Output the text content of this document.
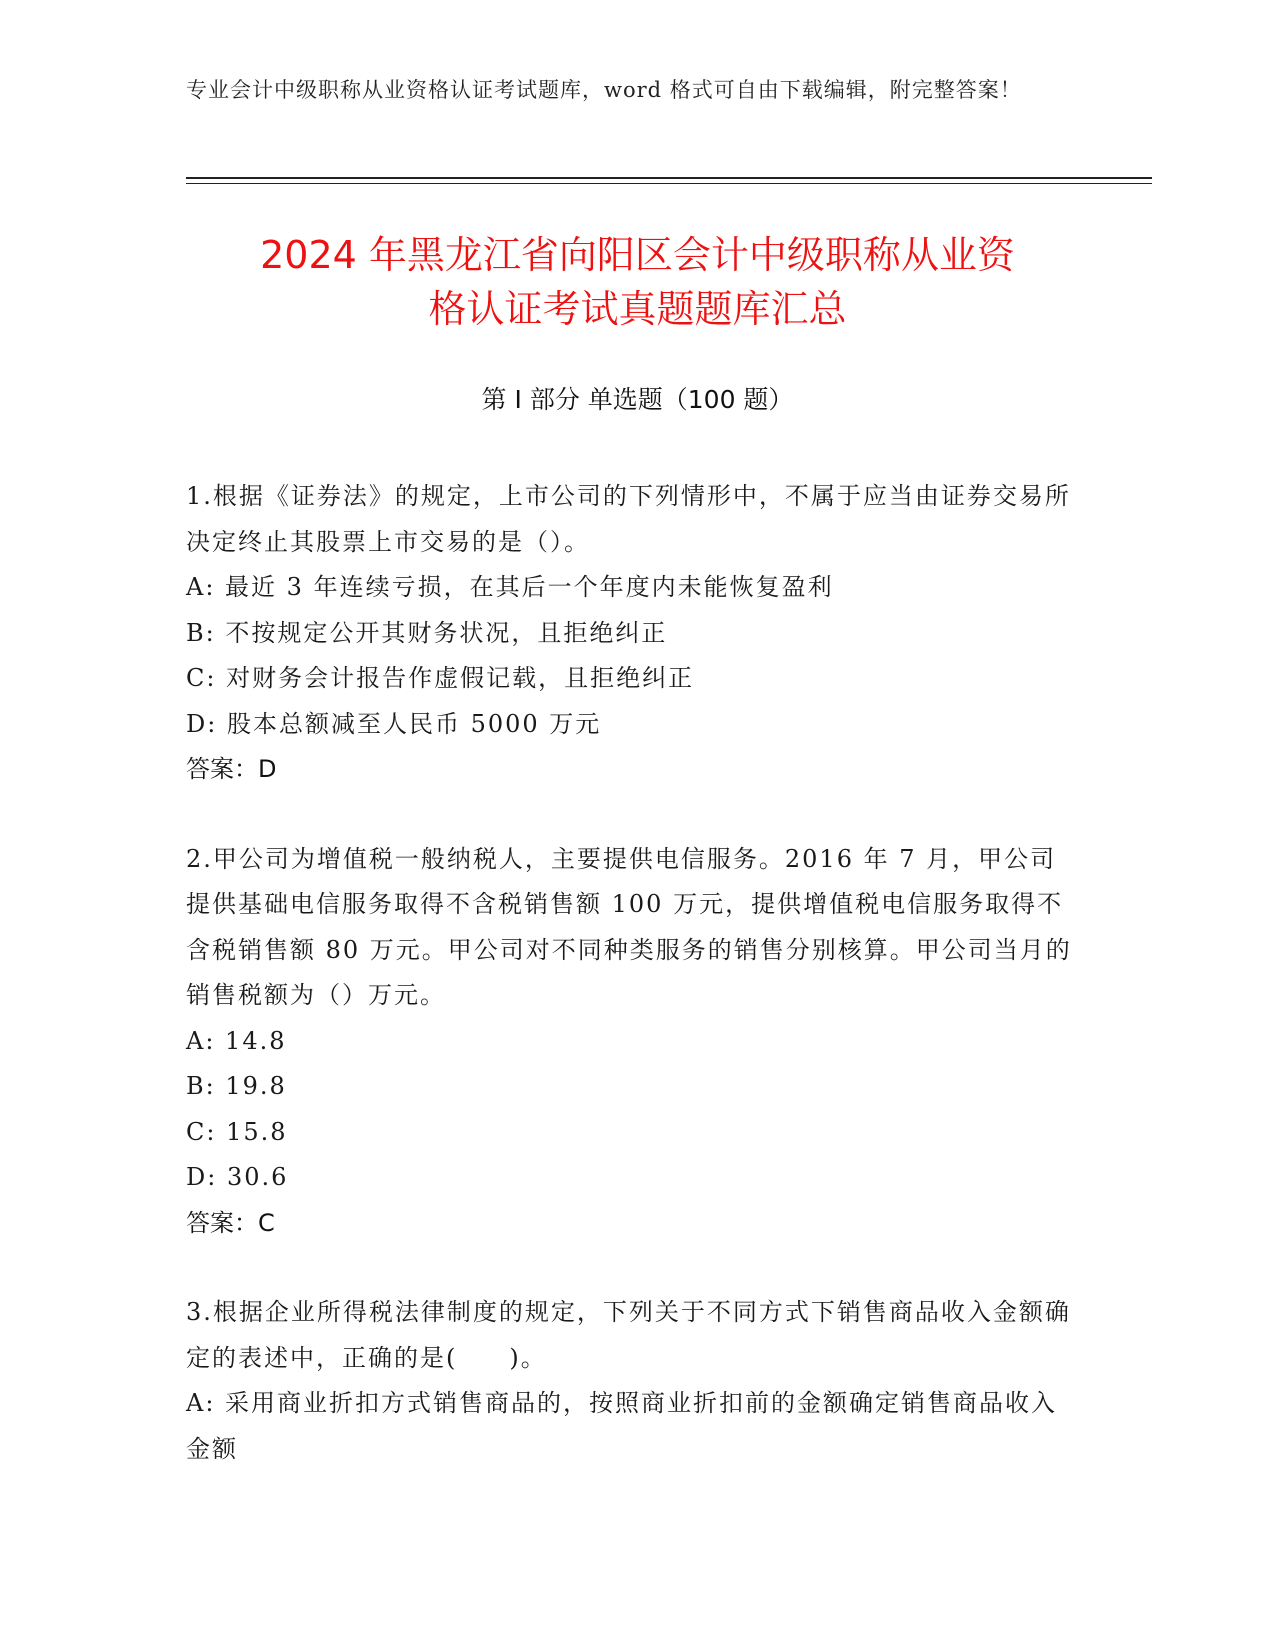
专业会计中级职称从业资格认证考试题库，word 格式可自由下载编辑，附完整答案！
2024 年黑龙江省向阳区会计中级职称从业资
格认证考试真题题库汇总
第 I 部分 单选题（100 题）
1.根据《证券法》的规定，上市公司的下列情形中，不属于应当由证券交易所决定终止其股票上市交易的是（）。
A: 最近 3 年连续亏损，在其后一个年度内未能恢复盈利
B: 不按规定公开其财务状况，且拒绝纠正
C: 对财务会计报告作虚假记载，且拒绝纠正
D: 股本总额减至人民币 5000 万元
答案：D
2.甲公司为增值税一般纳税人，主要提供电信服务。2016 年 7 月，甲公司提供基础电信服务取得不含税销售额 100 万元，提供增值税电信服务取得不含税销售额 80 万元。甲公司对不同种类服务的销售分别核算。甲公司当月的销售税额为（）万元。
A: 14.8
B: 19.8
C: 15.8
D: 30.6
答案：C
3.根据企业所得税法律制度的规定，下列关于不同方式下销售商品收入金额确定的表述中，正确的是(　　)。
A: 采用商业折扣方式销售商品的，按照商业折扣前的金额确定销售商品收入金额
